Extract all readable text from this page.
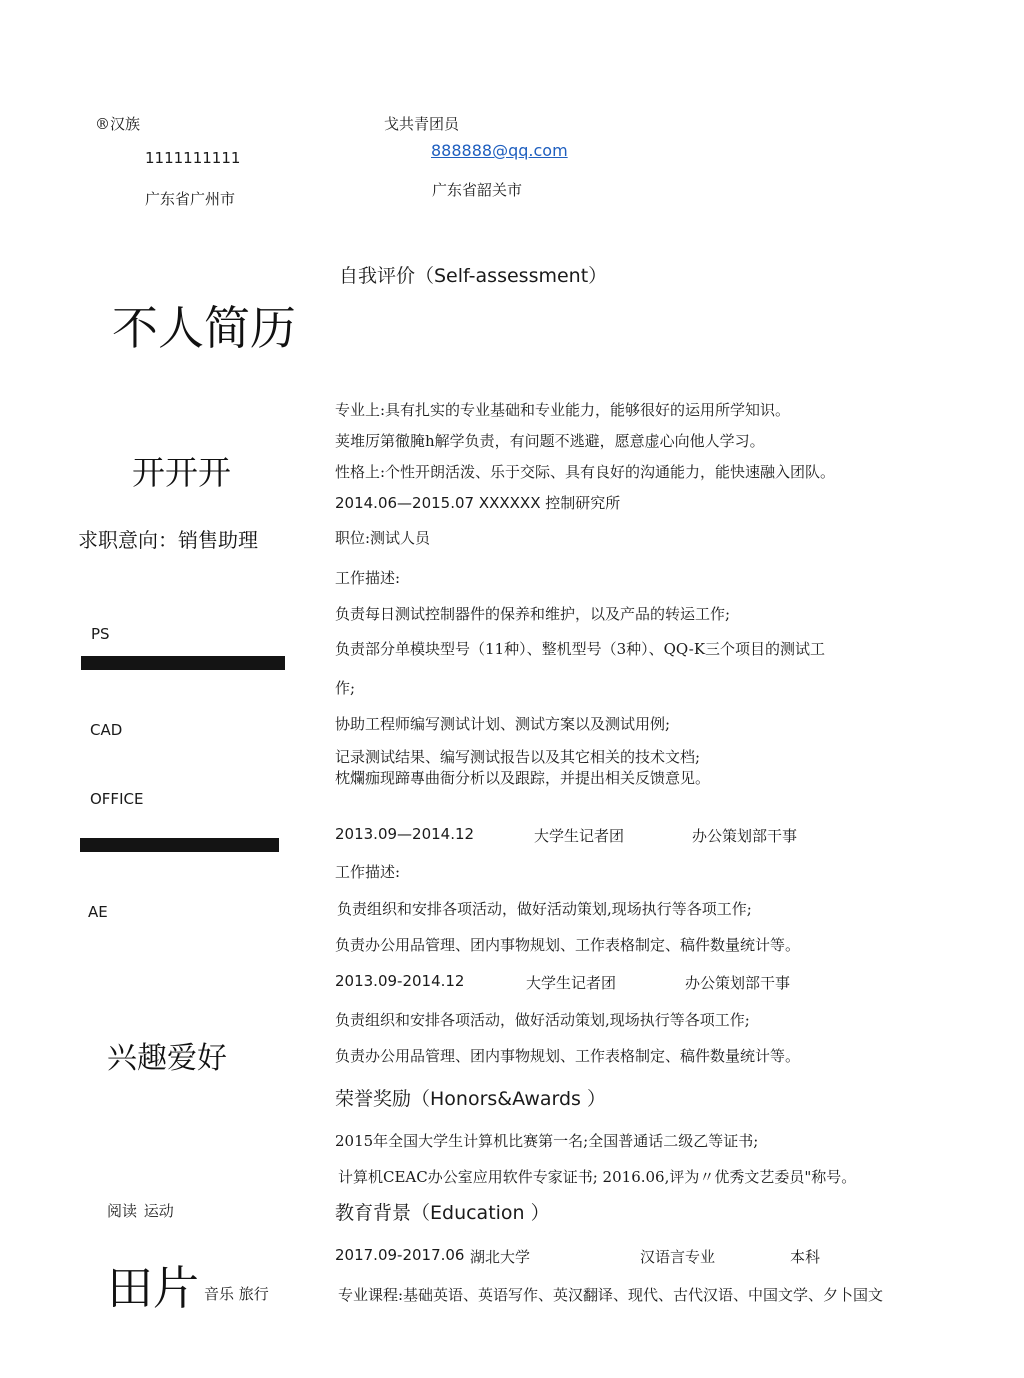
®汉族	戈共青团员
1111111111	888888@qq.com
广东省广州市	广东省韶关市
不人简历
开开开
求职意向：销售助理
PS
CAD
OFFICE
AE
兴趣爱好
阅读 运动
田片 音乐 旅行
自我评价（Self-assessment）
专业上:具有扎实的专业基础和专业能力，能够很好的运用所学知识。
荚堆厉第徹腌h解学负责，有问题不逃避，愿意虚心向他人学习。
性格上:个性开朗活泼、乐于交际、具有良好的沟通能力，能快速融入团队。
2014.06—2015.07 XXXXXX 控制研究所
职位:测试人员
工作描述:
负责每日测试控制器件的保养和维护，以及产品的转运工作;
负责部分单模块型号（11种）、整机型号（3种）、QQ-K三个项目的测试工
作;
协助工程师编写测试计划、测试方案以及测试用例;
记录测试结果、编写测试报告以及其它相关的技术文档;
枕爛痂现蹄專曲衙分析以及跟踪，并提出相关反馈意见。
2013.09—2014.12	大学生记者团	办公策划部干事
工作描述:
负责组织和安排各项活动，做好活动策划,现场执行等各项工作;
负责办公用品管理、团内事物规划、工作表格制定、稿件数量统计等。
2013.09-2014.12	大学生记者团	办公策划部干事
负责组织和安排各项活动，做好活动策划,现场执行等各项工作;
负责办公用品管理、团内事物规划、工作表格制定、稿件数量统计等。
荣誉奖励（Honors&Awards ）
2015年全国大学生计算机比赛第一名;全国普通话二级乙等证书;
计算机CEAC办公室应用软件专家证书; 2016.06,评为〃优秀文艺委员"称号。
教育背景（Education ）
2017.09-2017.06 湖北大学	汉语言专业	本科
专业课程:基础英语、英语写作、英汉翻译、现代、古代汉语、中国文学、夕卜国文
